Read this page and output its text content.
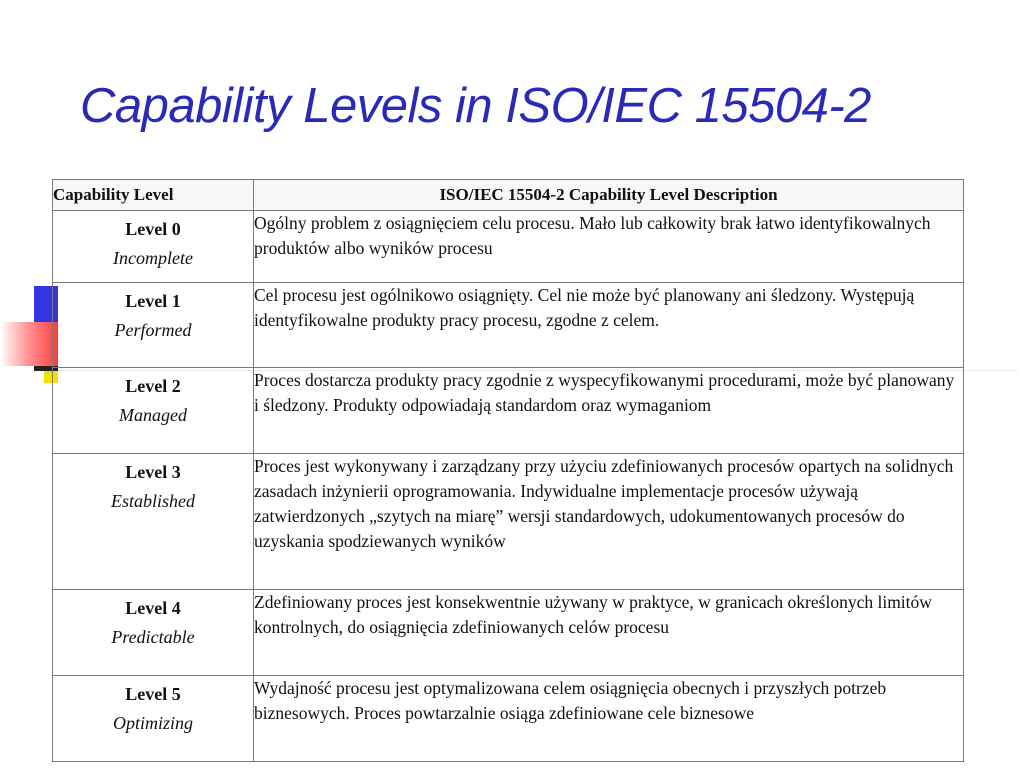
Capability Levels in ISO/IEC 15504-2
Capability Level	ISO/IEC 15504-2 Capability Level Description

Level 0
Incomplete	Ogólny problem z osiągnięciem celu procesu. Mało lub całkowity brak łatwo identyfikowalnych produktów albo wyników procesu

Level 1
Performed	Cel procesu jest ogólnikowo osiągnięty. Cel nie może być planowany ani śledzony. Występują identyfikowalne produkty pracy procesu, zgodne z celem.

Level 2
Managed	Proces dostarcza produkty pracy zgodnie z wyspecyfikowanymi procedurami, może być planowany i śledzony. Produkty odpowiadają standardom oraz wymaganiom

Level 3
Established	Proces jest wykonywany i zarządzany przy użyciu zdefiniowanych procesów opartych na solidnych zasadach inżynierii oprogramowania. Indywidualne implementacje procesów używają zatwierdzonych „szytych na miarę” wersji standardowych, udokumentowanych procesów do uzyskania spodziewanych wyników

Level 4
Predictable	Zdefiniowany proces jest konsekwentnie używany w praktyce, w granicach określonych limitów kontrolnych, do osiągnięcia zdefiniowanych celów procesu

Level 5
Optimizing	Wydajność procesu jest optymalizowana celem osiągnięcia obecnych i przyszłych potrzeb biznesowych. Proces powtarzalnie osiąga zdefiniowane cele biznesowe
